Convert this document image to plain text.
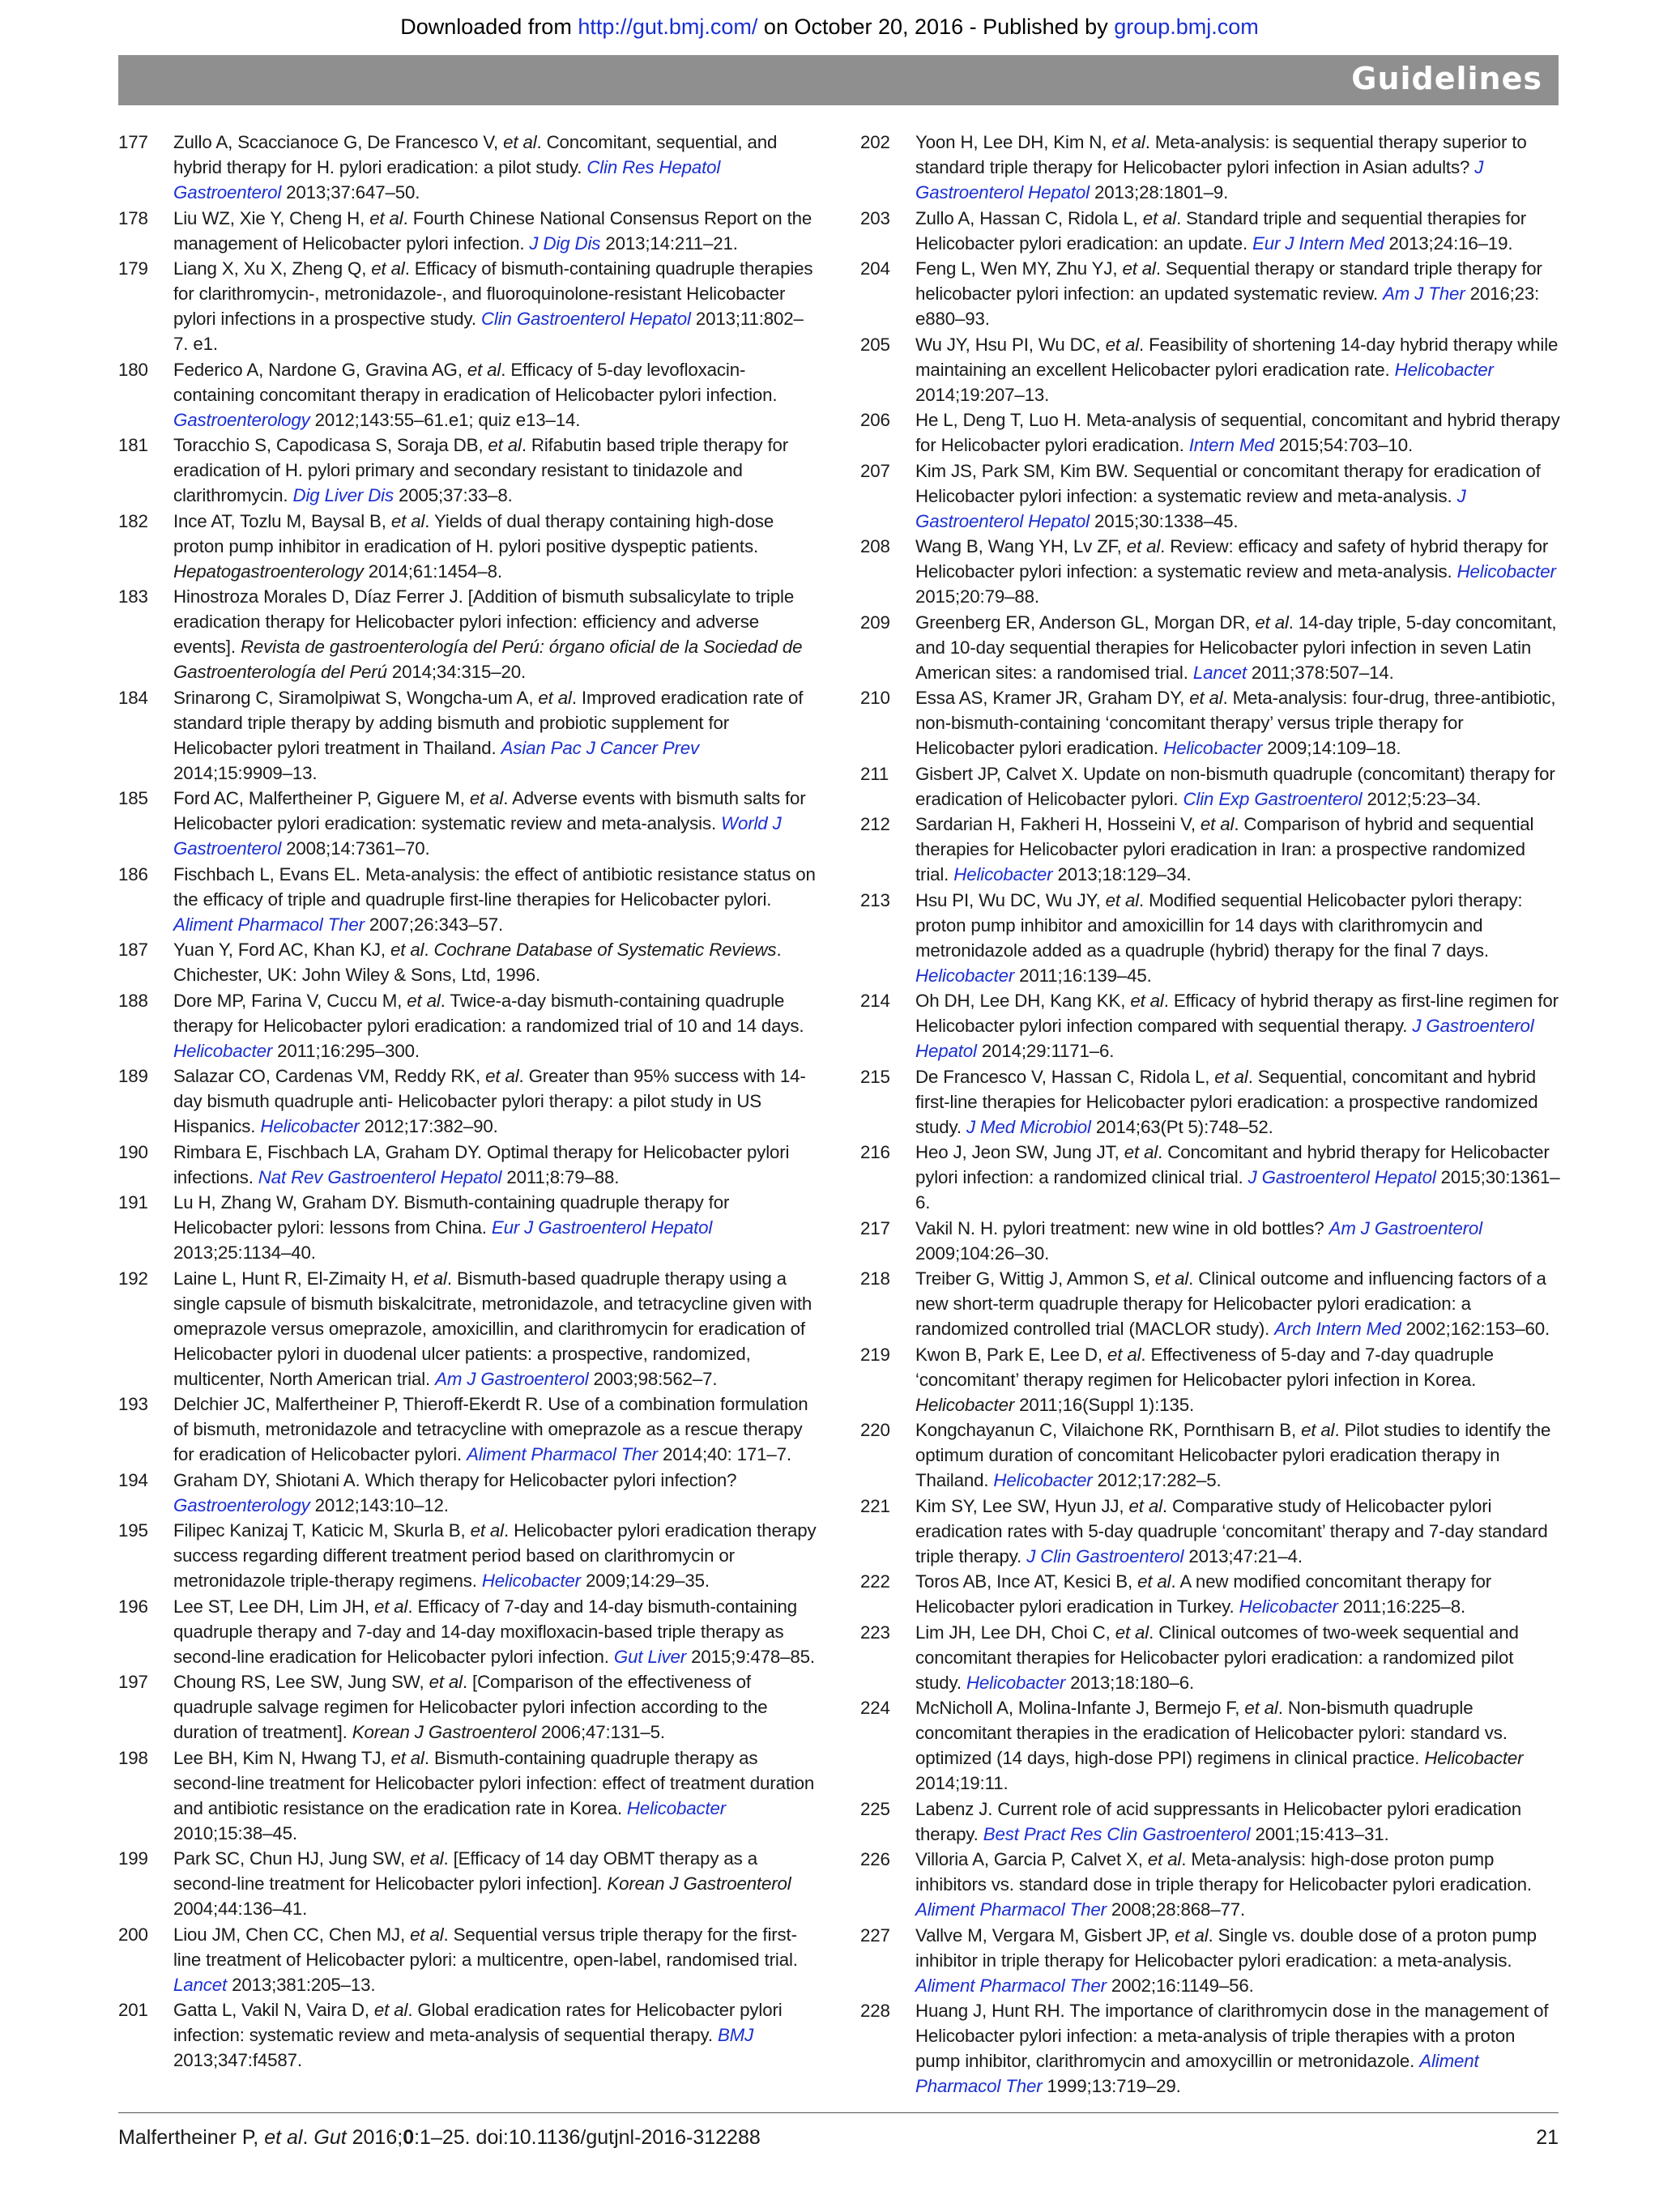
Downloaded from http://gut.bmj.com/ on October 20, 2016 - Published by group.bmj.com
Guidelines
177 Zullo A, Scaccianoce G, De Francesco V, et al. Concomitant, sequential, and hybrid therapy for H. pylori eradication: a pilot study. Clin Res Hepatol Gastroenterol 2013;37:647–50.
178 Liu WZ, Xie Y, Cheng H, et al. Fourth Chinese National Consensus Report on the management of Helicobacter pylori infection. J Dig Dis 2013;14:211–21.
179 Liang X, Xu X, Zheng Q, et al. Efficacy of bismuth-containing quadruple therapies for clarithromycin-, metronidazole-, and fluoroquinolone-resistant Helicobacter pylori infections in a prospective study. Clin Gastroenterol Hepatol 2013;11:802–7. e1.
180 Federico A, Nardone G, Gravina AG, et al. Efficacy of 5-day levofloxacin-containing concomitant therapy in eradication of Helicobacter pylori infection. Gastroenterology 2012;143:55–61.e1; quiz e13–14.
181 Toracchio S, Capodicasa S, Soraja DB, et al. Rifabutin based triple therapy for eradication of H. pylori primary and secondary resistant to tinidazole and clarithromycin. Dig Liver Dis 2005;37:33–8.
182 Ince AT, Tozlu M, Baysal B, et al. Yields of dual therapy containing high-dose proton pump inhibitor in eradication of H. pylori positive dyspeptic patients. Hepatogastroenterology 2014;61:1454–8.
183 Hinostroza Morales D, Díaz Ferrer J. [Addition of bismuth subsalicylate to triple eradication therapy for Helicobacter pylori infection: efficiency and adverse events]. Revista de gastroenterología del Perú: órgano oficial de la Sociedad de Gastroenterología del Perú 2014;34:315–20.
184 Srinarong C, Siramolpiwat S, Wongcha-um A, et al. Improved eradication rate of standard triple therapy by adding bismuth and probiotic supplement for Helicobacter pylori treatment in Thailand. Asian Pac J Cancer Prev 2014;15:9909–13.
185 Ford AC, Malfertheiner P, Giguere M, et al. Adverse events with bismuth salts for Helicobacter pylori eradication: systematic review and meta-analysis. World J Gastroenterol 2008;14:7361–70.
186 Fischbach L, Evans EL. Meta-analysis: the effect of antibiotic resistance status on the efficacy of triple and quadruple first-line therapies for Helicobacter pylori. Aliment Pharmacol Ther 2007;26:343–57.
187 Yuan Y, Ford AC, Khan KJ, et al. Cochrane Database of Systematic Reviews. Chichester, UK: John Wiley & Sons, Ltd, 1996.
188 Dore MP, Farina V, Cuccu M, et al. Twice-a-day bismuth-containing quadruple therapy for Helicobacter pylori eradication: a randomized trial of 10 and 14 days. Helicobacter 2011;16:295–300.
189 Salazar CO, Cardenas VM, Reddy RK, et al. Greater than 95% success with 14-day bismuth quadruple anti- Helicobacter pylori therapy: a pilot study in US Hispanics. Helicobacter 2012;17:382–90.
190 Rimbara E, Fischbach LA, Graham DY. Optimal therapy for Helicobacter pylori infections. Nat Rev Gastroenterol Hepatol 2011;8:79–88.
191 Lu H, Zhang W, Graham DY. Bismuth-containing quadruple therapy for Helicobacter pylori: lessons from China. Eur J Gastroenterol Hepatol 2013;25:1134–40.
192 Laine L, Hunt R, El-Zimaity H, et al. Bismuth-based quadruple therapy using a single capsule of bismuth biskalcitrate, metronidazole, and tetracycline given with omeprazole versus omeprazole, amoxicillin, and clarithromycin for eradication of Helicobacter pylori in duodenal ulcer patients: a prospective, randomized, multicenter, North American trial. Am J Gastroenterol 2003;98:562–7.
193 Delchier JC, Malfertheiner P, Thieroff-Ekerdt R. Use of a combination formulation of bismuth, metronidazole and tetracycline with omeprazole as a rescue therapy for eradication of Helicobacter pylori. Aliment Pharmacol Ther 2014;40: 171–7.
194 Graham DY, Shiotani A. Which therapy for Helicobacter pylori infection? Gastroenterology 2012;143:10–12.
195 Filipec Kanizaj T, Katicic M, Skurla B, et al. Helicobacter pylori eradication therapy success regarding different treatment period based on clarithromycin or metronidazole triple-therapy regimens. Helicobacter 2009;14:29–35.
196 Lee ST, Lee DH, Lim JH, et al. Efficacy of 7-day and 14-day bismuth-containing quadruple therapy and 7-day and 14-day moxifloxacin-based triple therapy as second-line eradication for Helicobacter pylori infection. Gut Liver 2015;9:478–85.
197 Choung RS, Lee SW, Jung SW, et al. [Comparison of the effectiveness of quadruple salvage regimen for Helicobacter pylori infection according to the duration of treatment]. Korean J Gastroenterol 2006;47:131–5.
198 Lee BH, Kim N, Hwang TJ, et al. Bismuth-containing quadruple therapy as second-line treatment for Helicobacter pylori infection: effect of treatment duration and antibiotic resistance on the eradication rate in Korea. Helicobacter 2010;15:38–45.
199 Park SC, Chun HJ, Jung SW, et al. [Efficacy of 14 day OBMT therapy as a second-line treatment for Helicobacter pylori infection]. Korean J Gastroenterol 2004;44:136–41.
200 Liou JM, Chen CC, Chen MJ, et al. Sequential versus triple therapy for the first-line treatment of Helicobacter pylori: a multicentre, open-label, randomised trial. Lancet 2013;381:205–13.
201 Gatta L, Vakil N, Vaira D, et al. Global eradication rates for Helicobacter pylori infection: systematic review and meta-analysis of sequential therapy. BMJ 2013;347:f4587.
202 Yoon H, Lee DH, Kim N, et al. Meta-analysis: is sequential therapy superior to standard triple therapy for Helicobacter pylori infection in Asian adults? J Gastroenterol Hepatol 2013;28:1801–9.
203 Zullo A, Hassan C, Ridola L, et al. Standard triple and sequential therapies for Helicobacter pylori eradication: an update. Eur J Intern Med 2013;24:16–19.
204 Feng L, Wen MY, Zhu YJ, et al. Sequential therapy or standard triple therapy for helicobacter pylori infection: an updated systematic review. Am J Ther 2016;23: e880–93.
205 Wu JY, Hsu PI, Wu DC, et al. Feasibility of shortening 14-day hybrid therapy while maintaining an excellent Helicobacter pylori eradication rate. Helicobacter 2014;19:207–13.
206 He L, Deng T, Luo H. Meta-analysis of sequential, concomitant and hybrid therapy for Helicobacter pylori eradication. Intern Med 2015;54:703–10.
207 Kim JS, Park SM, Kim BW. Sequential or concomitant therapy for eradication of Helicobacter pylori infection: a systematic review and meta-analysis. J Gastroenterol Hepatol 2015;30:1338–45.
208 Wang B, Wang YH, Lv ZF, et al. Review: efficacy and safety of hybrid therapy for Helicobacter pylori infection: a systematic review and meta-analysis. Helicobacter 2015;20:79–88.
209 Greenberg ER, Anderson GL, Morgan DR, et al. 14-day triple, 5-day concomitant, and 10-day sequential therapies for Helicobacter pylori infection in seven Latin American sites: a randomised trial. Lancet 2011;378:507–14.
210 Essa AS, Kramer JR, Graham DY, et al. Meta-analysis: four-drug, three-antibiotic, non-bismuth-containing ‘concomitant therapy’ versus triple therapy for Helicobacter pylori eradication. Helicobacter 2009;14:109–18.
211 Gisbert JP, Calvet X. Update on non-bismuth quadruple (concomitant) therapy for eradication of Helicobacter pylori. Clin Exp Gastroenterol 2012;5:23–34.
212 Sardarian H, Fakheri H, Hosseini V, et al. Comparison of hybrid and sequential therapies for Helicobacter pylori eradication in Iran: a prospective randomized trial. Helicobacter 2013;18:129–34.
213 Hsu PI, Wu DC, Wu JY, et al. Modified sequential Helicobacter pylori therapy: proton pump inhibitor and amoxicillin for 14 days with clarithromycin and metronidazole added as a quadruple (hybrid) therapy for the final 7 days. Helicobacter 2011;16:139–45.
214 Oh DH, Lee DH, Kang KK, et al. Efficacy of hybrid therapy as first-line regimen for Helicobacter pylori infection compared with sequential therapy. J Gastroenterol Hepatol 2014;29:1171–6.
215 De Francesco V, Hassan C, Ridola L, et al. Sequential, concomitant and hybrid first-line therapies for Helicobacter pylori eradication: a prospective randomized study. J Med Microbiol 2014;63(Pt 5):748–52.
216 Heo J, Jeon SW, Jung JT, et al. Concomitant and hybrid therapy for Helicobacter pylori infection: a randomized clinical trial. J Gastroenterol Hepatol 2015;30:1361–6.
217 Vakil N. H. pylori treatment: new wine in old bottles? Am J Gastroenterol 2009;104:26–30.
218 Treiber G, Wittig J, Ammon S, et al. Clinical outcome and influencing factors of a new short-term quadruple therapy for Helicobacter pylori eradication: a randomized controlled trial (MACLOR study). Arch Intern Med 2002;162:153–60.
219 Kwon B, Park E, Lee D, et al. Effectiveness of 5-day and 7-day quadruple ‘concomitant’ therapy regimen for Helicobacter pylori infection in Korea. Helicobacter 2011;16(Suppl 1):135.
220 Kongchayanun C, Vilaichone RK, Pornthisarn B, et al. Pilot studies to identify the optimum duration of concomitant Helicobacter pylori eradication therapy in Thailand. Helicobacter 2012;17:282–5.
221 Kim SY, Lee SW, Hyun JJ, et al. Comparative study of Helicobacter pylori eradication rates with 5-day quadruple ‘concomitant’ therapy and 7-day standard triple therapy. J Clin Gastroenterol 2013;47:21–4.
222 Toros AB, Ince AT, Kesici B, et al. A new modified concomitant therapy for Helicobacter pylori eradication in Turkey. Helicobacter 2011;16:225–8.
223 Lim JH, Lee DH, Choi C, et al. Clinical outcomes of two-week sequential and concomitant therapies for Helicobacter pylori eradication: a randomized pilot study. Helicobacter 2013;18:180–6.
224 McNicholl A, Molina-Infante J, Bermejo F, et al. Non-bismuth quadruple concomitant therapies in the eradication of Helicobacter pylori: standard vs. optimized (14 days, high-dose PPI) regimens in clinical practice. Helicobacter 2014;19:11.
225 Labenz J. Current role of acid suppressants in Helicobacter pylori eradication therapy. Best Pract Res Clin Gastroenterol 2001;15:413–31.
226 Villoria A, Garcia P, Calvet X, et al. Meta-analysis: high-dose proton pump inhibitors vs. standard dose in triple therapy for Helicobacter pylori eradication. Aliment Pharmacol Ther 2008;28:868–77.
227 Vallve M, Vergara M, Gisbert JP, et al. Single vs. double dose of a proton pump inhibitor in triple therapy for Helicobacter pylori eradication: a meta-analysis. Aliment Pharmacol Ther 2002;16:1149–56.
228 Huang J, Hunt RH. The importance of clarithromycin dose in the management of Helicobacter pylori infection: a meta-analysis of triple therapies with a proton pump inhibitor, clarithromycin and amoxycillin or metronidazole. Aliment Pharmacol Ther 1999;13:719–29.
Malfertheiner P, et al. Gut 2016;0:1–25. doi:10.1136/gutjnl-2016-312288	21
